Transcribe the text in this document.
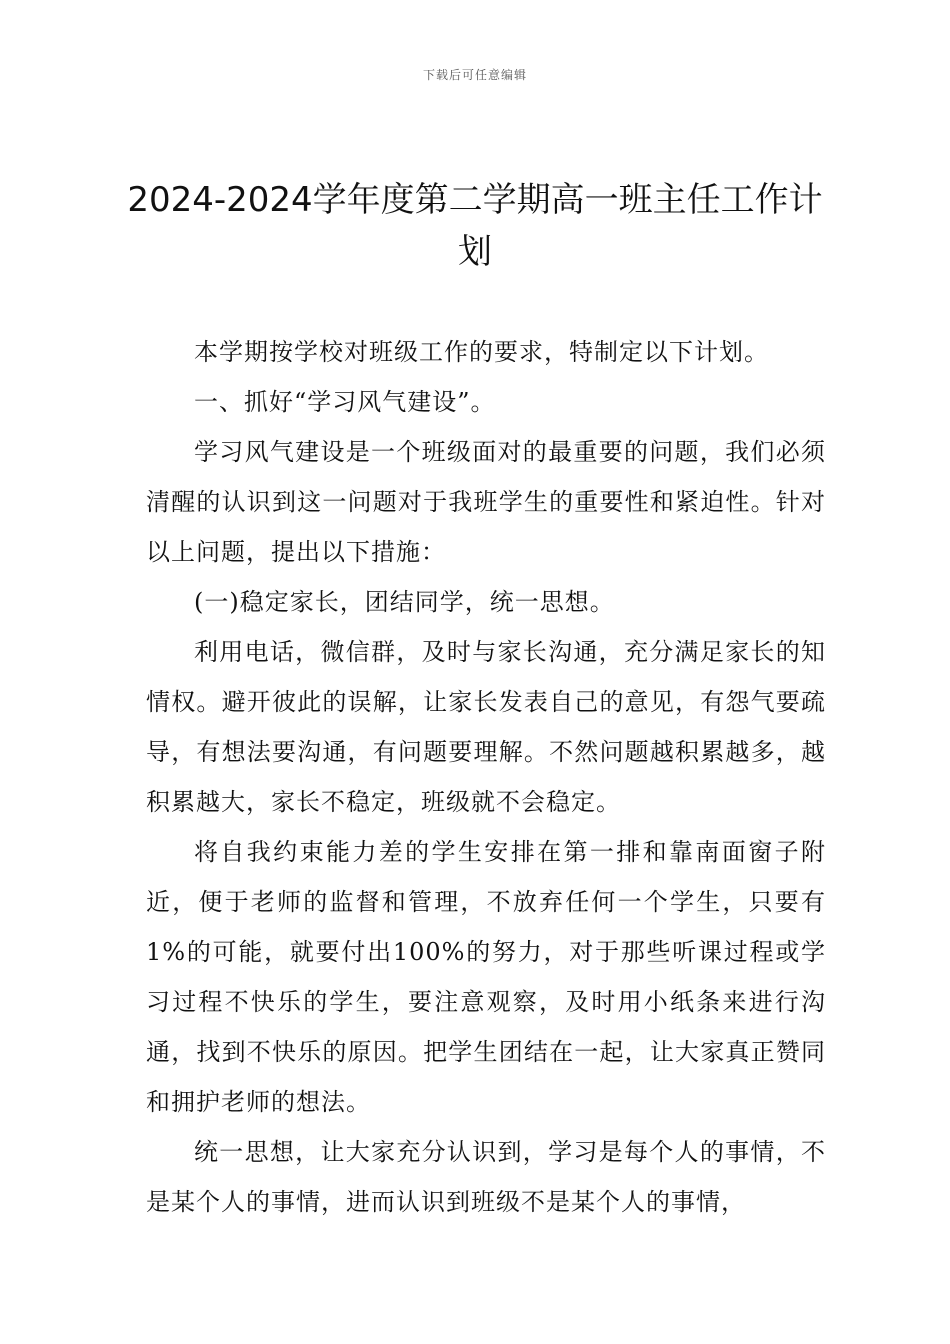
下载后可任意编辑
2024-2024学年度第二学期高一班主任工作计划

本学期按学校对班级工作的要求，特制定以下计划。

一、抓好“学习风气建设”。

学习风气建设是一个班级面对的最重要的问题，我们必须清醒的认识到这一问题对于我班学生的重要性和紧迫性。针对以上问题，提出以下措施：

(一)稳定家长，团结同学，统一思想。

利用电话，微信群，及时与家长沟通，充分满足家长的知情权。避开彼此的误解，让家长发表自己的意见，有怨气要疏导，有想法要沟通，有问题要理解。不然问题越积累越多，越积累越大，家长不稳定，班级就不会稳定。

将自我约束能力差的学生安排在第一排和靠南面窗子附近，便于老师的监督和管理，不放弃任何一个学生，只要有1%的可能，就要付出100%的努力，对于那些听课过程或学习过程不快乐的学生，要注意观察，及时用小纸条来进行沟通，找到不快乐的原因。把学生团结在一起，让大家真正赞同和拥护老师的想法。

统一思想，让大家充分认识到，学习是每个人的事情，不是某个人的事情，进而认识到班级不是某个人的事情，
